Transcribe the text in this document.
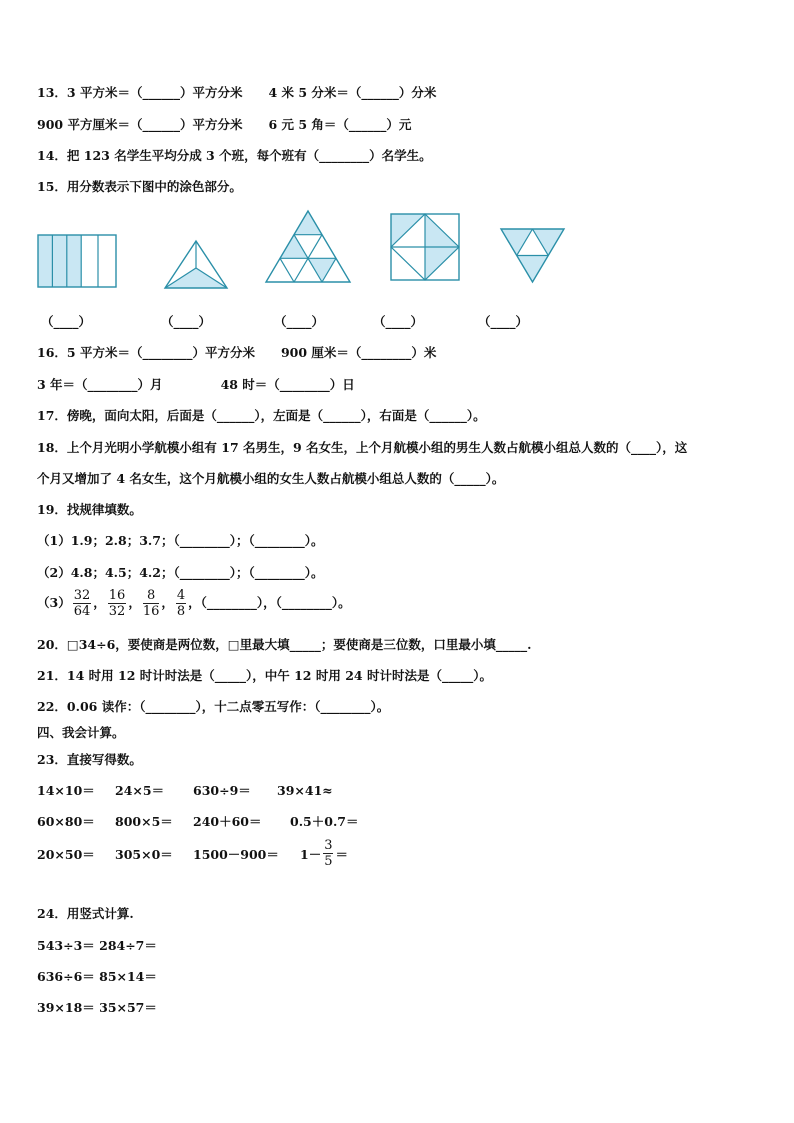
13．3 平方米＝（______）平方分米 4 米 5 分米＝（______）分米
900 平方厘米＝（______）平方分米 6 元 5 角＝（______）元
14．把 123 名学生平均分成 3 个班，每个班有（________）名学生。
15．用分数表示下图中的涂色部分。
（____）	（____）	（____）	（____）	（____）
16．5 平方米＝（________）平方分米 900 厘米＝（________）米
3 年＝（________）月	48 时＝（________）日
17．傍晚，面向太阳，后面是（______），左面是（______），右面是（______）。
18．上个月光明小学航模小组有 17 名男生，9 名女生，上个月航模小组的男生人数占航模小组总人数的（____），这
个月又增加了 4 名女生，这个月航模小组的女生人数占航模小组总人数的（_____）。
19．找规律填数。
（1）1.9；2.8；3.7；（________）；（________）。
（2）4.8；4.5；4.2；（________）；（________）。
$(3) \frac{32}{64}$ ， $\frac{16}{32}$ ， $\frac{8}{16}$ ， $\frac{4}{8}$ ，（________），（________）。
20．□34÷6，要使商是两位数，□里最大填_____；要使商是三位数，口里最小填_____.
21．14 时用 12 时计时法是（_____），中午 12 时用 24 时计时法是（_____）。
22．0.06 读作：（________），十二点零五写作：（________）。
四、我会计算。
23．直接写得数。
14×10＝ 24×5＝ 630÷9＝ 39×41≈
60×80＝ 800×5＝ 240＋60＝ 0.5＋0.7＝
$20\times 50= 305\times 0= 1500-900= 1- \frac{3}{5}$ ＝
24．用竖式计算.
543÷3＝ 284÷7＝
636÷6＝ 85×14＝
39×18＝ 35×57＝
